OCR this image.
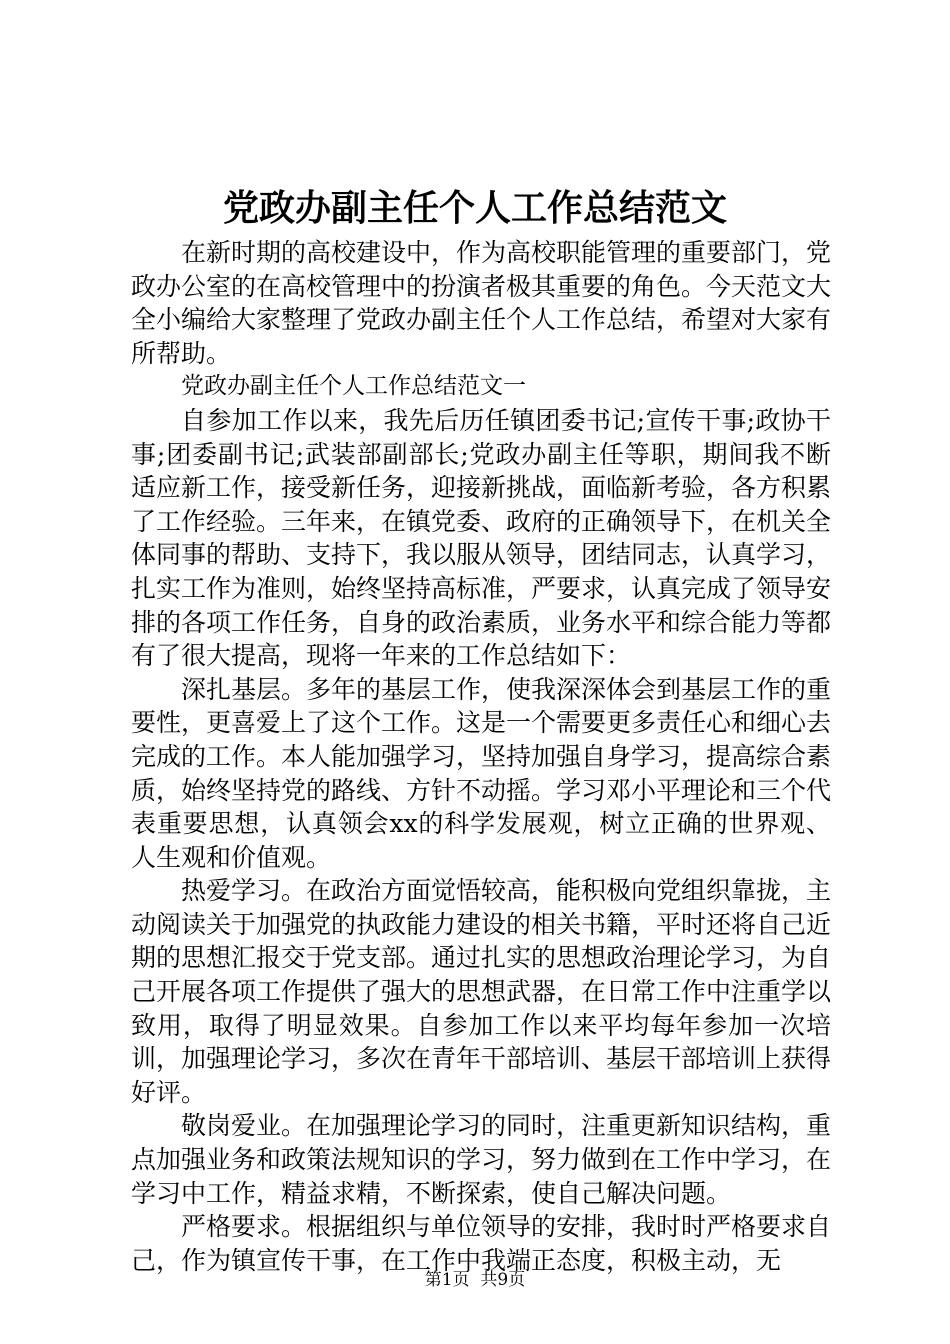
党政办副主任个人工作总结范文

在新时期的高校建设中，作为高校职能管理的重要部门，党政办公室的在高校管理中的扮演者极其重要的角色。今天范文大全小编给大家整理了党政办副主任个人工作总结，希望对大家有所帮助。

党政办副主任个人工作总结范文一

自参加工作以来，我先后历任镇团委书记;宣传干事;政协干事;团委副书记;武装部副部长;党政办副主任等职，期间我不断适应新工作，接受新任务，迎接新挑战，面临新考验，各方积累了工作经验。三年来，在镇党委、政府的正确领导下，在机关全体同事的帮助、支持下，我以服从领导，团结同志，认真学习，扎实工作为准则，始终坚持高标准，严要求，认真完成了领导安排的各项工作任务，自身的政治素质，业务水平和综合能力等都有了很大提高，现将一年来的工作总结如下：

深扎基层。多年的基层工作，使我深深体会到基层工作的重要性，更喜爱上了这个工作。这是一个需要更多责任心和细心去完成的工作。本人能加强学习，坚持加强自身学习，提高综合素质，始终坚持党的路线、方针不动摇。学习邓小平理论和三个代表重要思想，认真领会xx的科学发展观，树立正确的世界观、人生观和价值观。

热爱学习。在政治方面觉悟较高，能积极向党组织靠拢，主动阅读关于加强党的执政能力建设的相关书籍，平时还将自己近期的思想汇报交于党支部。通过扎实的思想政治理论学习，为自己开展各项工作提供了强大的思想武器，在日常工作中注重学以致用，取得了明显效果。自参加工作以来平均每年参加一次培训，加强理论学习，多次在青年干部培训、基层干部培训上获得好评。

敬岗爱业。在加强理论学习的同时，注重更新知识结构，重点加强业务和政策法规知识的学习，努力做到在工作中学习，在学习中工作，精益求精，不断探索，使自己解决问题。

严格要求。根据组织与单位领导的安排，我时时严格要求自己，作为镇宣传干事，在工作中我端正态度，积极主动，无

第1页  共9页
